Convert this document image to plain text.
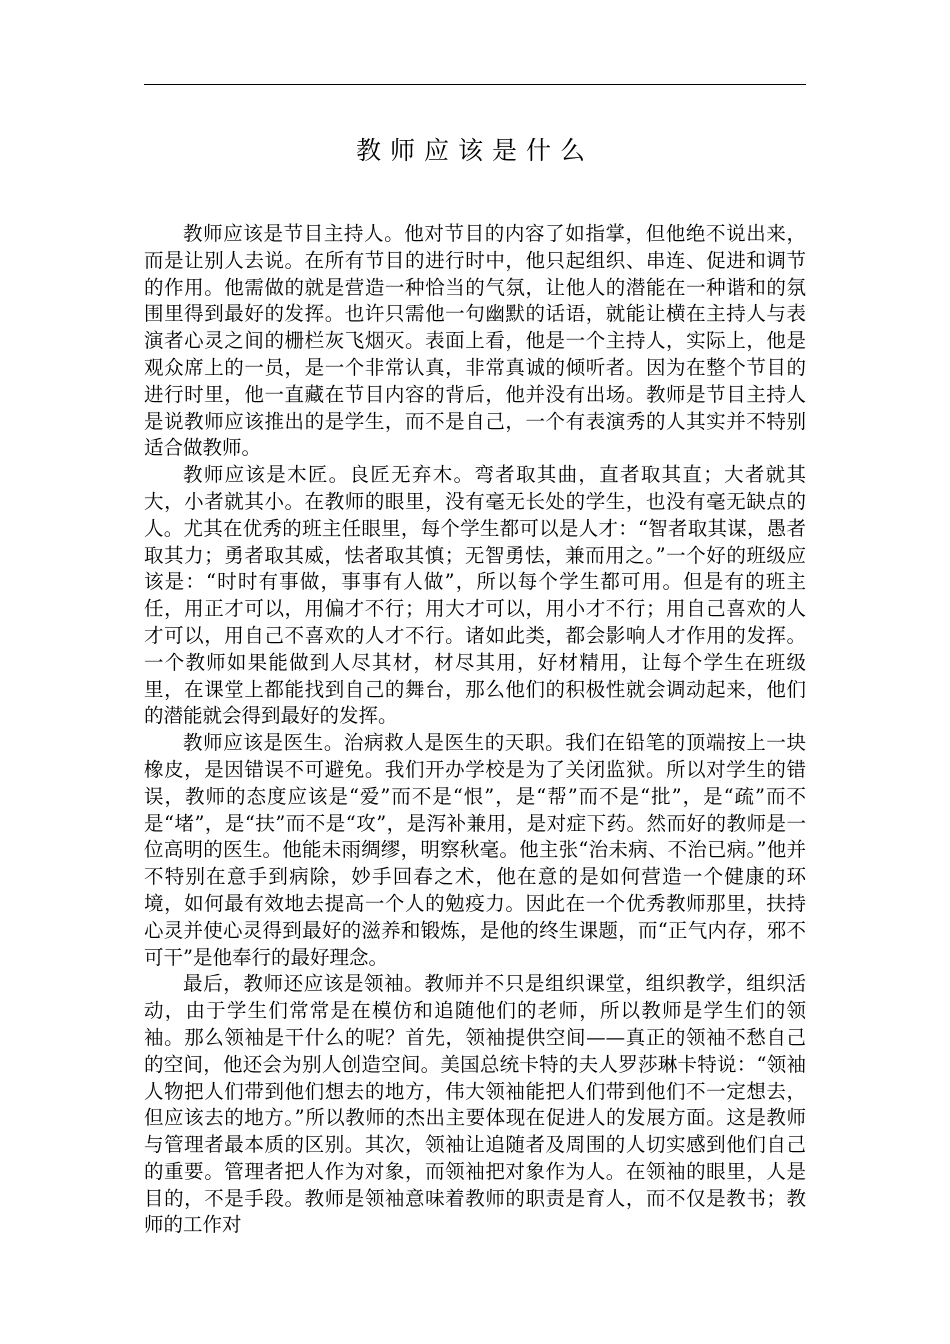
教师应该是什么

教师应该是节目主持人。他对节目的内容了如指掌，但他绝不说出来，而是让别人去说。在所有节目的进行时中，他只起组织、串连、促进和调节的作用。他需做的就是营造一种恰当的气氛，让他人的潜能在一种谐和的氛围里得到最好的发挥。也许只需他一句幽默的话语，就能让横在主持人与表演者心灵之间的栅栏灰飞烟灭。表面上看，他是一个主持人，实际上，他是观众席上的一员，是一个非常认真，非常真诚的倾听者。因为在整个节目的进行时里，他一直藏在节目内容的背后，他并没有出场。教师是节目主持人是说教师应该推出的是学生，而不是自己，一个有表演秀的人其实并不特别适合做教师。

教师应该是木匠。良匠无弃木。弯者取其曲，直者取其直；大者就其大，小者就其小。在教师的眼里，没有毫无长处的学生，也没有毫无缺点的人。尤其在优秀的班主任眼里，每个学生都可以是人才：“智者取其谋，愚者取其力；勇者取其威，怯者取其慎；无智勇怯，兼而用之。”一个好的班级应该是：“时时有事做，事事有人做”，所以每个学生都可用。但是有的班主任，用正才可以，用偏才不行；用大才可以，用小才不行；用自己喜欢的人才可以，用自己不喜欢的人才不行。诸如此类，都会影响人才作用的发挥。一个教师如果能做到人尽其材，材尽其用，好材精用，让每个学生在班级里，在课堂上都能找到自己的舞台，那么他们的积极性就会调动起来，他们的潜能就会得到最好的发挥。

教师应该是医生。治病救人是医生的天职。我们在铅笔的顶端按上一块橡皮，是因错误不可避免。我们开办学校是为了关闭监狱。所以对学生的错误，教师的态度应该是“爱”而不是“恨”，是“帮”而不是“批”，是“疏”而不是“堵”，是“扶”而不是“攻”，是泻补兼用，是对症下药。然而好的教师是一位高明的医生。他能未雨绸缪，明察秋毫。他主张“治未病、不治已病。”他并不特别在意手到病除，妙手回春之术，他在意的是如何营造一个健康的环境，如何最有效地去提高一个人的勉疫力。因此在一个优秀教师那里，扶持心灵并使心灵得到最好的滋养和锻炼，是他的终生课题，而“正气内存，邪不可干”是他奉行的最好理念。

最后，教师还应该是领袖。教师并不只是组织课堂，组织教学，组织活动，由于学生们常常是在模仿和追随他们的老师，所以教师是学生们的领袖。那么领袖是干什么的呢？首先，领袖提供空间——真正的领袖不愁自己的空间，他还会为别人创造空间。美国总统卡特的夫人罗莎琳卡特说：“领袖人物把人们带到他们想去的地方，伟大领袖能把人们带到他们不一定想去，但应该去的地方。”所以教师的杰出主要体现在促进人的发展方面。这是教师与管理者最本质的区别。其次，领袖让追随者及周围的人切实感到他们自己的重要。管理者把人作为对象，而领袖把对象作为人。在领袖的眼里，人是目的，不是手段。教师是领袖意味着教师的职责是育人，而不仅是教书；教师的工作对
